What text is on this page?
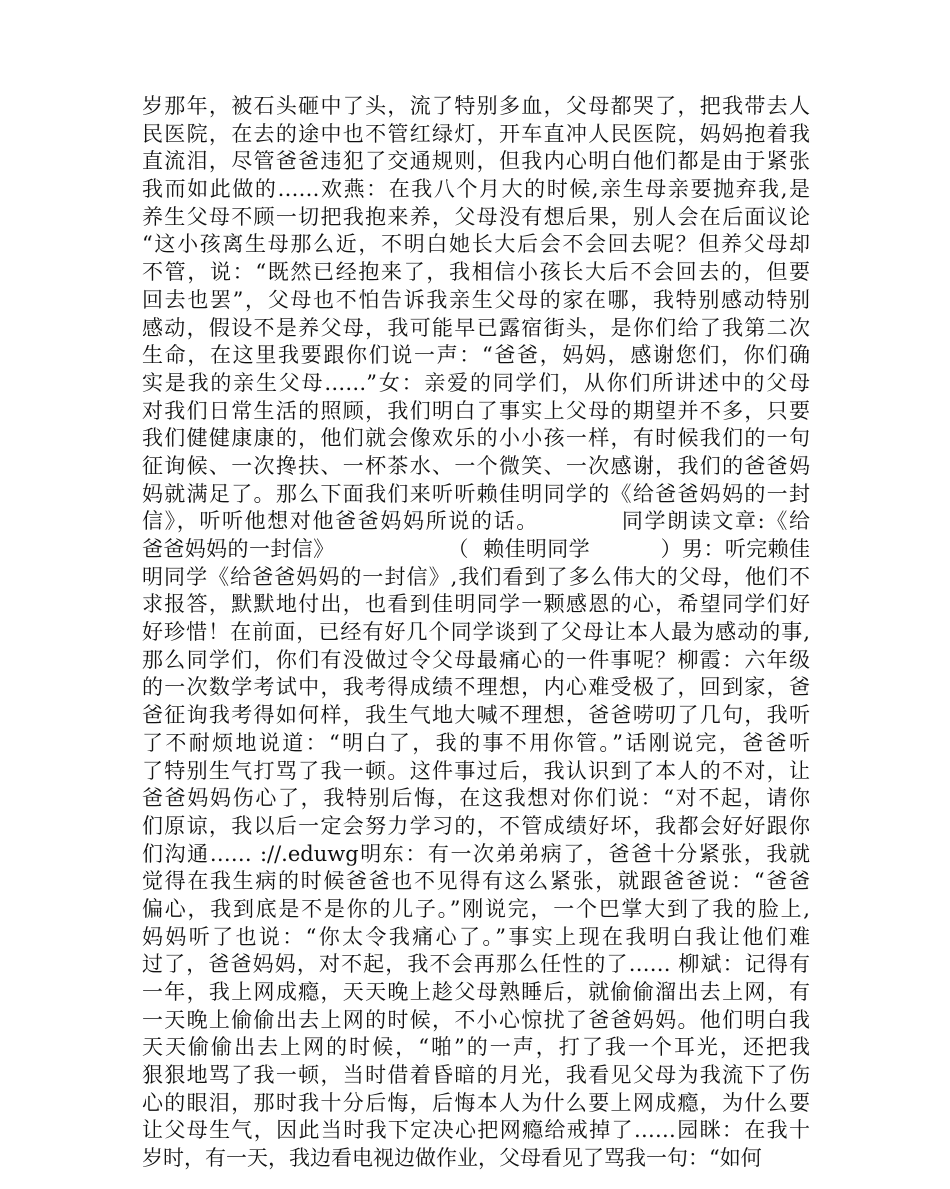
岁那年，被石头砸中了头，流了特别多血，父母都哭了，把我带去人
民医院，在去的途中也不管红绿灯，开车直冲人民医院，妈妈抱着我
直流泪，尽管爸爸违犯了交通规则，但我内心明白他们都是由于紧张
我而如此做的……欢燕：在我八个月大的时候,亲生母亲要抛弃我,是
养生父母不顾一切把我抱来养，父母没有想后果，别人会在后面议论
“这小孩离生母那么近，不明白她长大后会不会回去呢？但养父母却
不管，说：“既然已经抱来了，我相信小孩长大后不会回去的，但要
回去也罢”，父母也不怕告诉我亲生父母的家在哪，我特别感动特别
感动，假设不是养父母，我可能早已露宿街头，是你们给了我第二次
生命，在这里我要跟你们说一声：“爸爸，妈妈，感谢您们，你们确
实是我的亲生父母……”女：亲爱的同学们，从你们所讲述中的父母
对我们日常生活的照顾，我们明白了事实上父母的期望并不多，只要
我们健健康康的，他们就会像欢乐的小小孩一样，有时候我们的一句
征询候、一次搀扶、一杯茶水、一个微笑、一次感谢，我们的爸爸妈
妈就满足了。那么下面我们来听听赖佳明同学的《给爸爸妈妈的一封
信》，听听他想对他爸爸妈妈所说的话。          同学朗读文章:《给
爸爸妈妈的一封信》                （  赖佳明同学          ）男：听完赖佳
明同学《给爸爸妈妈的一封信》,我们看到了多么伟大的父母，他们不
求报答，默默地付出，也看到佳明同学一颗感恩的心，希望同学们好
好珍惜！在前面，已经有好几个同学谈到了父母让本人最为感动的事,
那么同学们，你们有没做过令父母最痛心的一件事呢？柳霞：六年级
的一次数学考试中，我考得成绩不理想，内心难受极了，回到家，爸
爸征询我考得如何样，我生气地大喊不理想，爸爸唠叨了几句，我听
了不耐烦地说道：“明白了，我的事不用你管。”话刚说完，爸爸听
了特别生气打骂了我一顿。这件事过后，我认识到了本人的不对，让
爸爸妈妈伤心了，我特别后悔，在这我想对你们说：“对不起，请你
们原谅，我以后一定会努力学习的，不管成绩好坏，我都会好好跟你
们沟通…… ://.eduwg明东：有一次弟弟病了，爸爸十分紧张，我就
觉得在我生病的时候爸爸也不见得有这么紧张，就跟爸爸说：“爸爸
偏心，我到底是不是你的儿子。”刚说完，一个巴掌大到了我的脸上,
妈妈听了也说：“你太令我痛心了。”事实上现在我明白我让他们难
过了，爸爸妈妈，对不起，我不会再那么任性的了…… 柳斌：记得有
一年，我上网成瘾，天天晚上趁父母熟睡后，就偷偷溜出去上网，有
一天晚上偷偷出去上网的时候，不小心惊扰了爸爸妈妈。他们明白我
天天偷偷出去上网的时候，“啪”的一声，打了我一个耳光，还把我
狠狠地骂了我一顿，当时借着昏暗的月光，我看见父母为我流下了伤
心的眼泪，那时我十分后悔，后悔本人为什么要上网成瘾，为什么要
让父母生气，因此当时我下定决心把网瘾给戒掉了……园眯：在我十
岁时，有一天，我边看电视边做作业，父母看见了骂我一句：“如何
